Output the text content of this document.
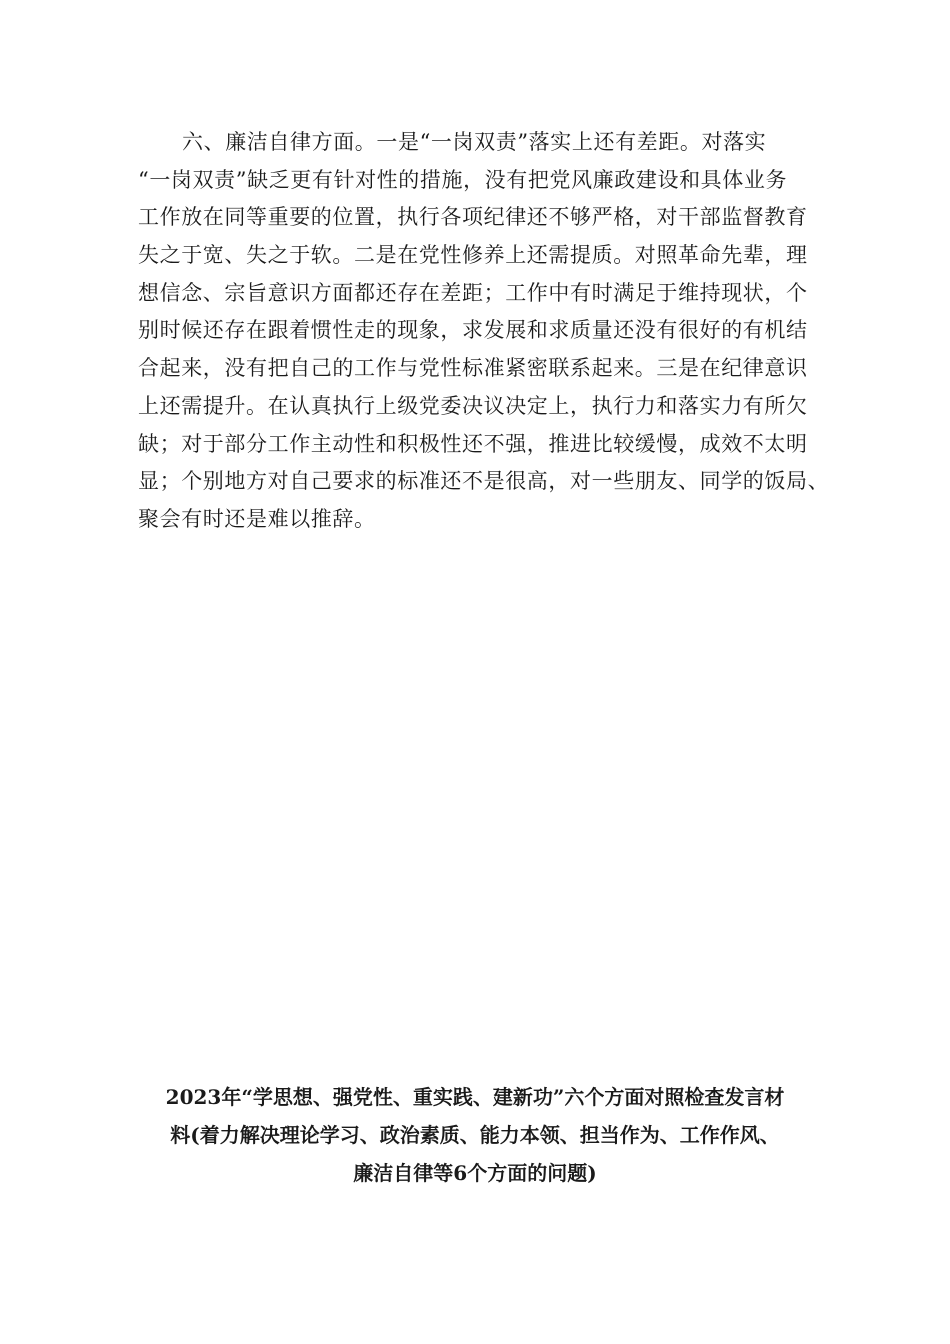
六、廉洁自律方面。一是“一岗双责”落实上还有差距。对落实
“一岗双责”缺乏更有针对性的措施，没有把党风廉政建设和具体业务
工作放在同等重要的位置，执行各项纪律还不够严格，对干部监督教育
失之于宽、失之于软。二是在党性修养上还需提质。对照革命先辈，理
想信念、宗旨意识方面都还存在差距；工作中有时满足于维持现状，个
别时候还存在跟着惯性走的现象，求发展和求质量还没有很好的有机结
合起来，没有把自己的工作与党性标准紧密联系起来。三是在纪律意识
上还需提升。在认真执行上级党委决议决定上，执行力和落实力有所欠
缺；对于部分工作主动性和积极性还不强，推进比较缓慢，成效不太明
显；个别地方对自己要求的标准还不是很高，对一些朋友、同学的饭局、
聚会有时还是难以推辞。
2023年“学思想、强党性、重实践、建新功”六个方面对照检查发言材
料(着力解决理论学习、政治素质、能力本领、担当作为、工作作风、
廉洁自律等6个方面的问题)
